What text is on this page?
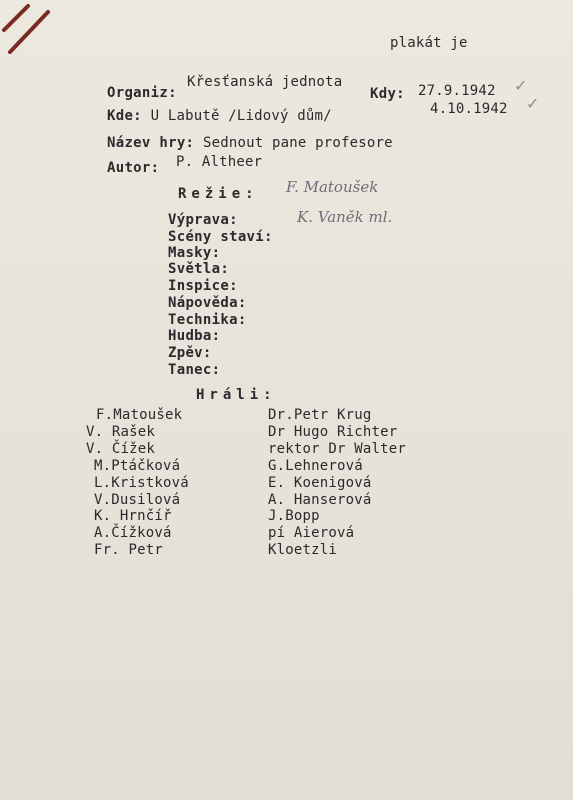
plakát je
Organiz:
Křesťanská jednota
Kdy: 27.9.1942 ✓
4.10.1942 ✓
Kde: U Labutě /Lidový dům/
Název hry: Sednout pane profesore
Autor: P. Altheer
Režie: F. Matoušek
Výprava:	K. Vaněk ml.
Scény staví:
Masky:
Světla:
Inspice:
Nápověda:
Technika:
Hudba:
Zpěv:
Tanec:
Hráli:
F.Matoušek
V. Rašek
V. Čížek
M.Ptáčková
L.Kristková
V.Dusilová
K. Hrnčíř
A.Čížková
Fr. Petr
Dr.Petr Krug
Dr Hugo Richter
rektor Dr Walter
G.Lehnerová
E. Koenigová
A. Hanserová
J.Bopp
pí Aierová
Kloetzli
